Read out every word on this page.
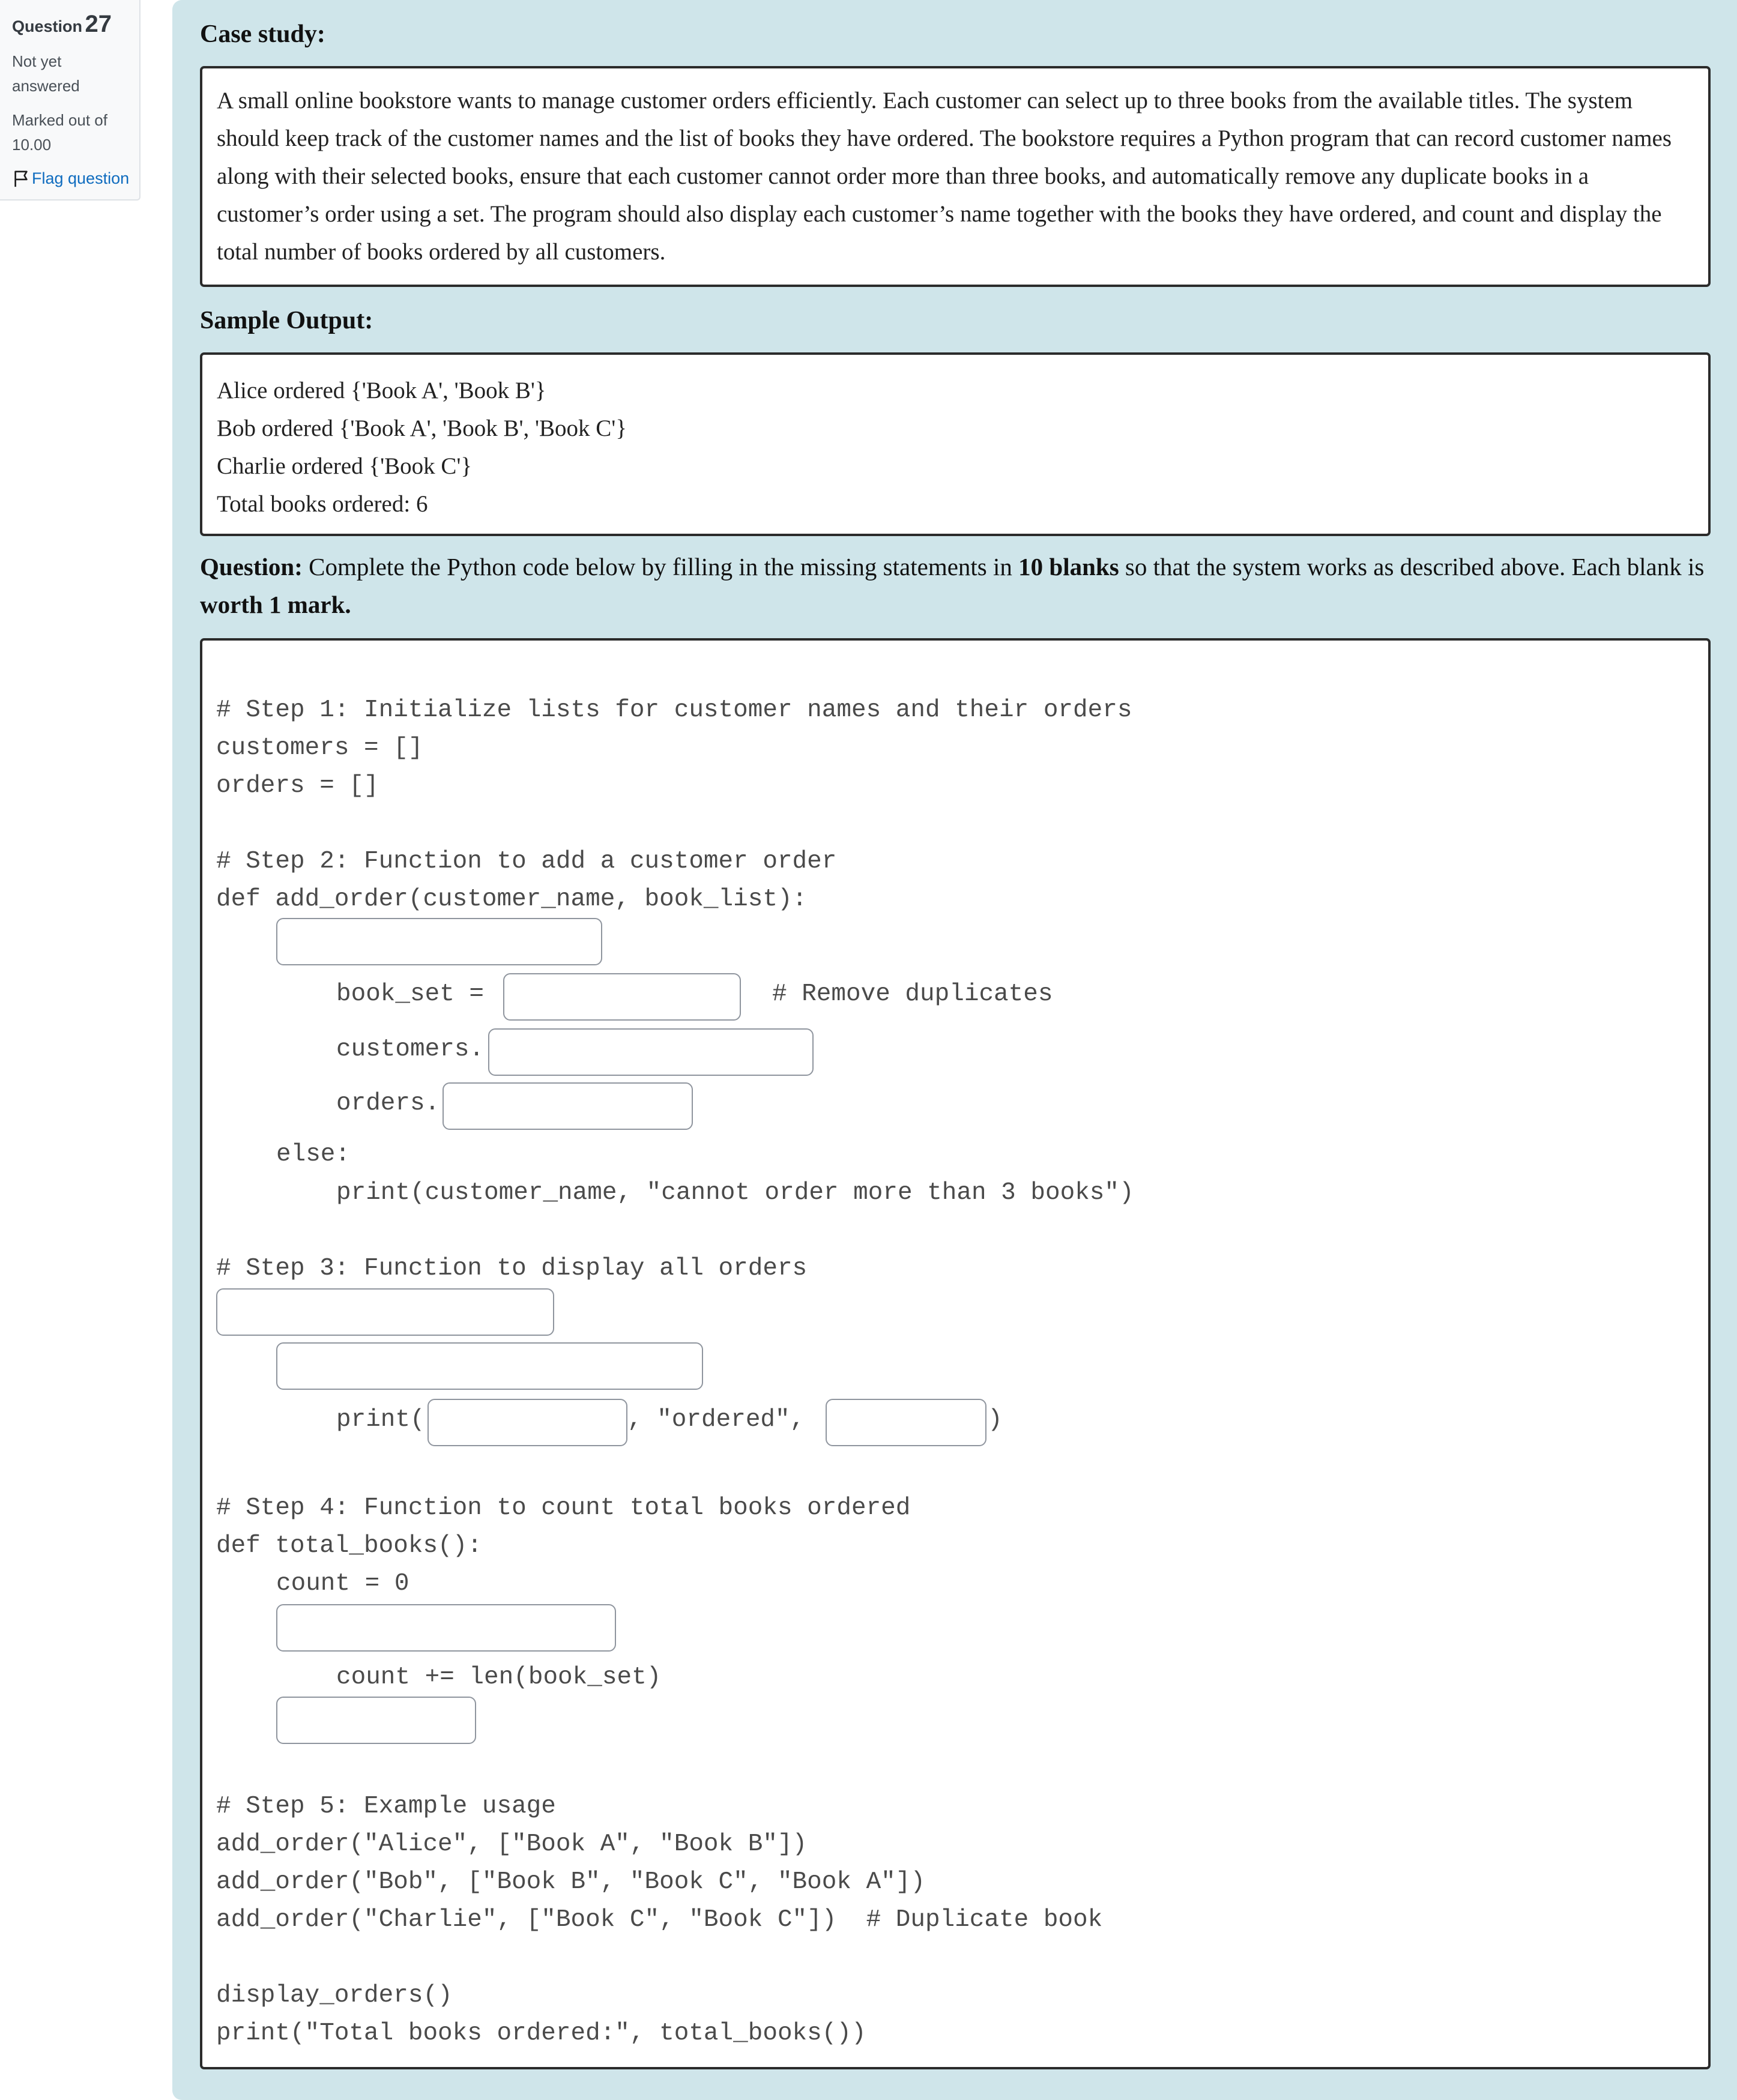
Question 27
Not yet
answered
Marked out of
10.00
Flag question
Case study:
A small online bookstore wants to manage customer orders efficiently. Each customer can select up to three books from the available titles. The system should keep track of the customer names and the list of books they have ordered. The bookstore requires a Python program that can record customer names along with their selected books, ensure that each customer cannot order more than three books, and automatically remove any duplicate books in a customer’s order using a set. The program should also display each customer’s name together with the books they have ordered, and count and display the total number of books ordered by all customers.
Sample Output:
Alice ordered {'Book A', 'Book B'}
Bob ordered {'Book A', 'Book B', 'Book C'}
Charlie ordered {'Book C'}
Total books ordered: 6
Question: Complete the Python code below by filling in the missing statements in 10 blanks so that the system works as described above. Each blank is worth 1 mark.
# Step 1: Initialize lists for customer names and their orders
customers = []
orders = []
# Step 2: Function to add a customer order
def add_order(customer_name, book_list):
book_set =	# Remove duplicates
customers.
orders.
else:
print(customer_name, "cannot order more than 3 books")
# Step 3: Function to display all orders
print(	, "ordered",	)
# Step 4: Function to count total books ordered
def total_books():
count = 0
count += len(book_set)
# Step 5: Example usage
add_order("Alice", ["Book A", "Book B"])
add_order("Bob", ["Book B", "Book C", "Book A"])
add_order("Charlie", ["Book C", "Book C"])  # Duplicate book
display_orders()
print("Total books ordered:", total_books())
